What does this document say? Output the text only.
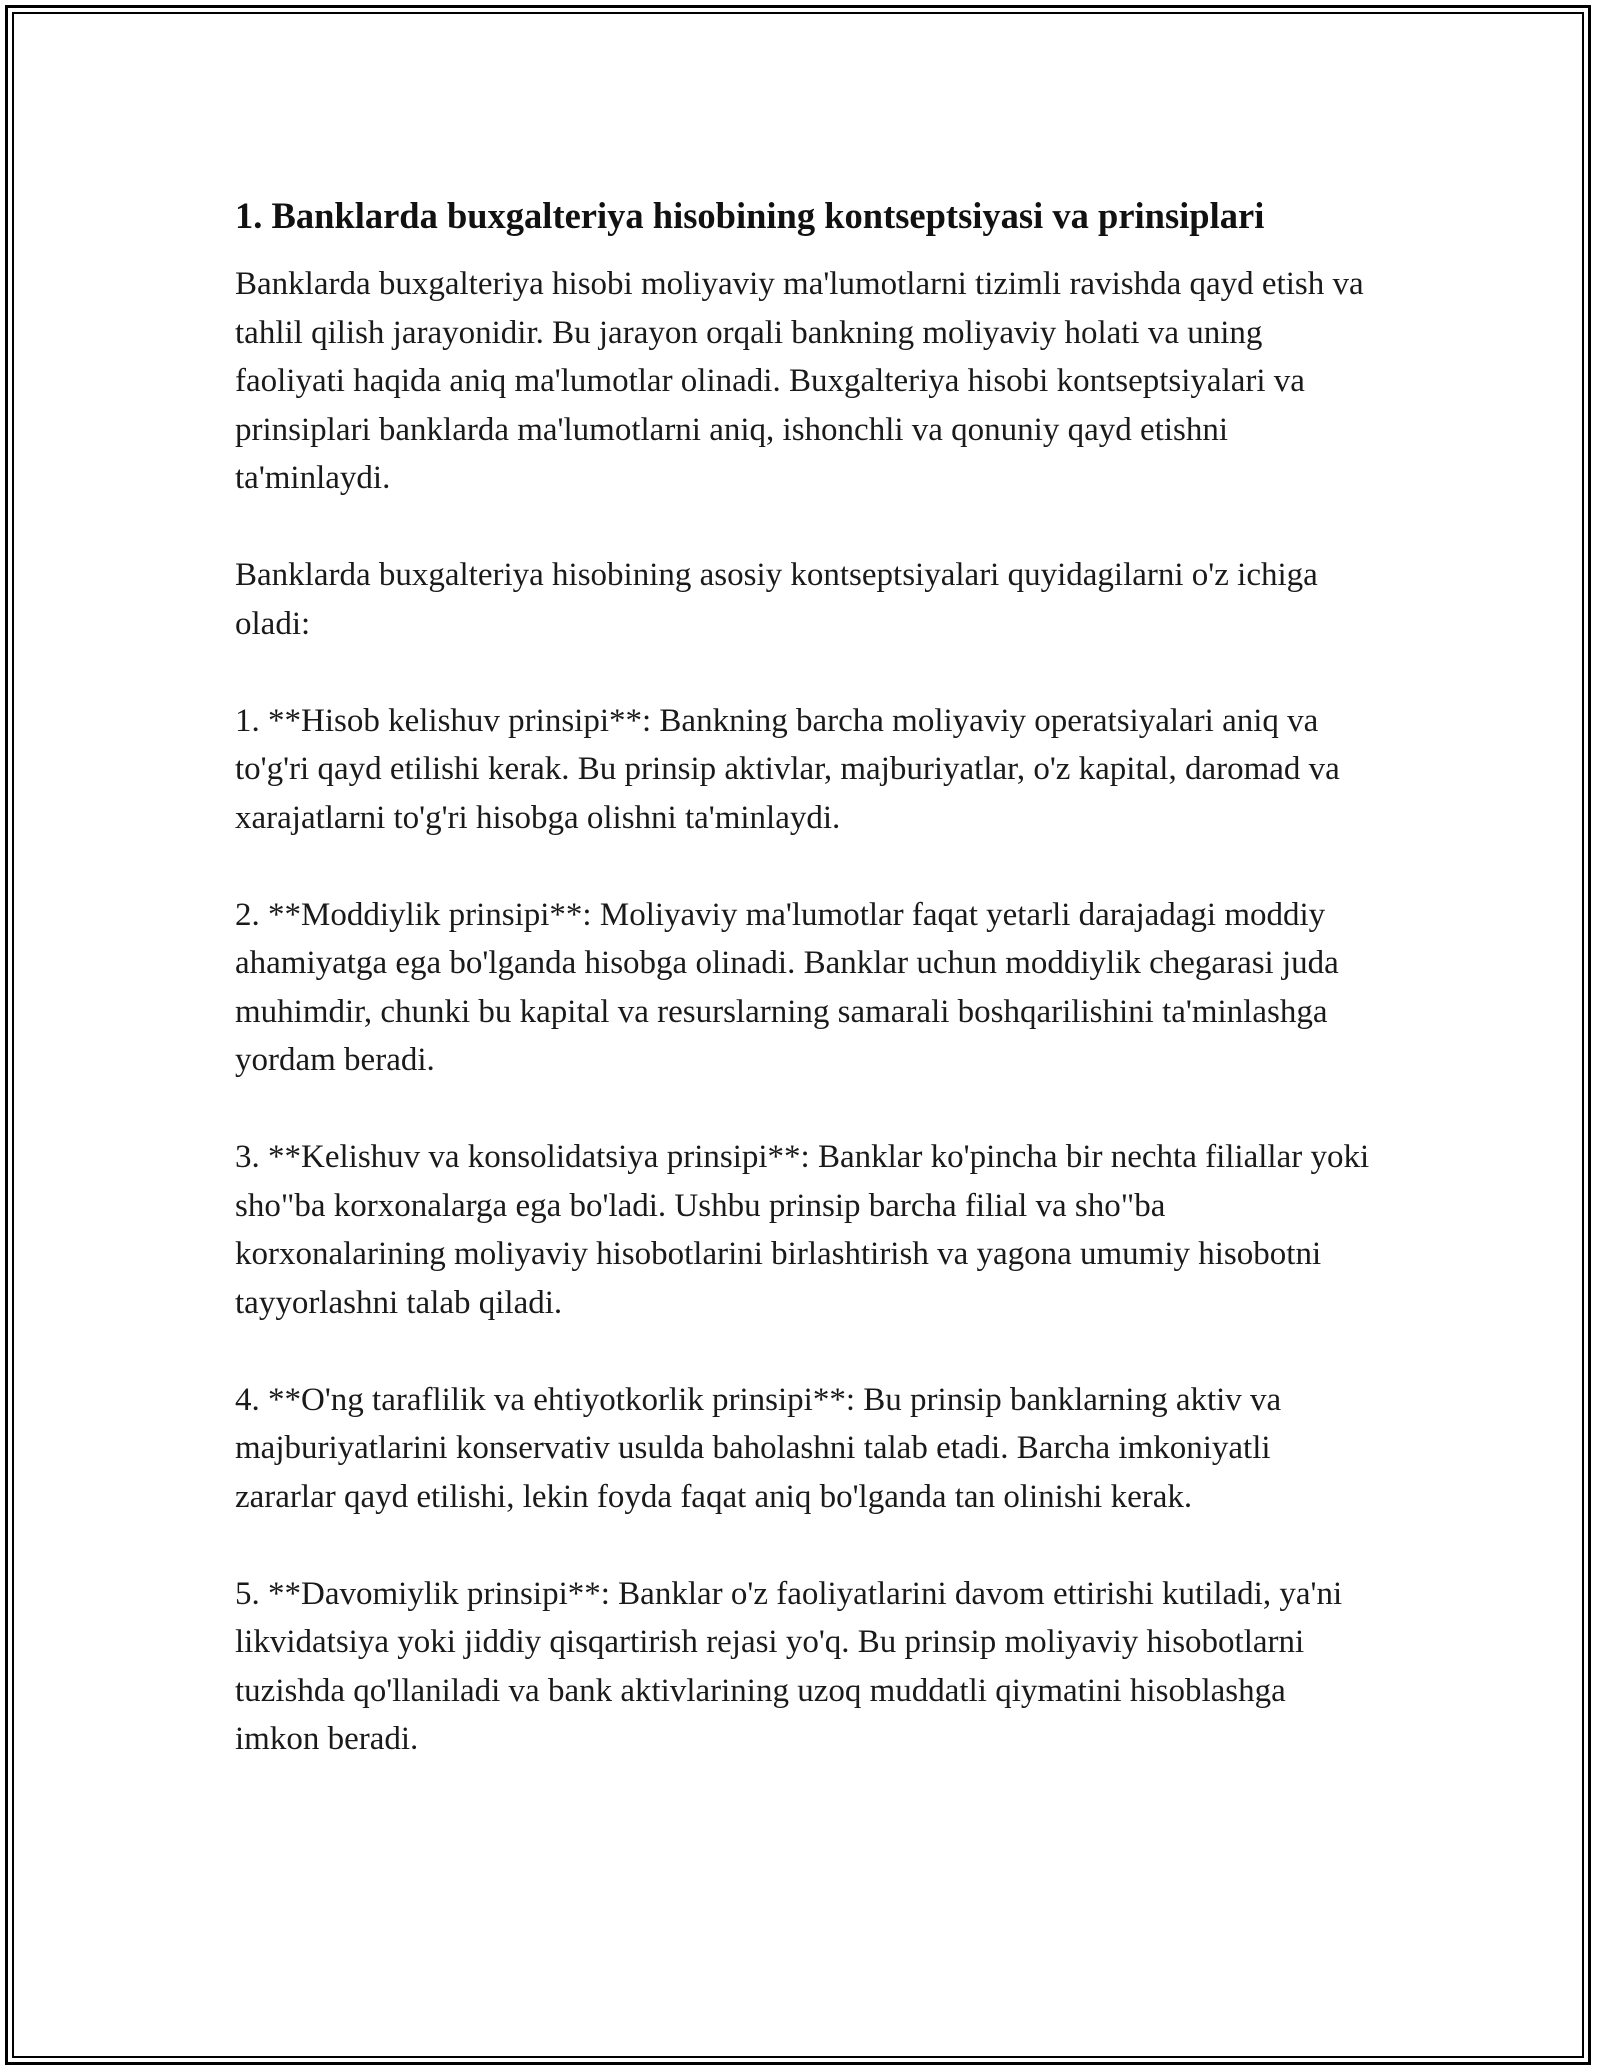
1. Banklarda buxgalteriya hisobining kontseptsiyasi va prinsiplari

Banklarda buxgalteriya hisobi moliyaviy ma'lumotlarni tizimli ravishda qayd etish va tahlil qilish jarayonidir. Bu jarayon orqali bankning moliyaviy holati va uning faoliyati haqida aniq ma'lumotlar olinadi. Buxgalteriya hisobi kontseptsiyalari va prinsiplari banklarda ma'lumotlarni aniq, ishonchli va qonuniy qayd etishni ta'minlaydi.

Banklarda buxgalteriya hisobining asosiy kontseptsiyalari quyidagilarni o'z ichiga oladi:

1. **Hisob kelishuv prinsipi**: Bankning barcha moliyaviy operatsiyalari aniq va to'g'ri qayd etilishi kerak. Bu prinsip aktivlar, majburiyatlar, o'z kapital, daromad va xarajatlarni to'g'ri hisobga olishni ta'minlaydi.
2. **Moddiylik prinsipi**: Moliyaviy ma'lumotlar faqat yetarli darajadagi moddiy ahamiyatga ega bo'lganda hisobga olinadi. Banklar uchun moddiylik chegarasi juda muhimdir, chunki bu kapital va resurslarning samarali boshqarilishini ta'minlashga yordam beradi.
3. **Kelishuv va konsolidatsiya prinsipi**: Banklar ko'pincha bir nechta filiallar yoki sho"ba korxonalarga ega bo'ladi. Ushbu prinsip barcha filial va sho"ba korxonalarining moliyaviy hisobotlarini birlashtirish va yagona umumiy hisobotni tayyorlashni talab qiladi.
4. **O'ng taraflilik va ehtiyotkorlik prinsipi**: Bu prinsip banklarning aktiv va majburiyatlarini konservativ usulda baholashni talab etadi. Barcha imkoniyatli zararlar qayd etilishi, lekin foyda faqat aniq bo'lganda tan olinishi kerak.
5. **Davomiylik prinsipi**: Banklar o'z faoliyatlarini davom ettirishi kutiladi, ya'ni likvidatsiya yoki jiddiy qisqartirish rejasi yo'q. Bu prinsip moliyaviy hisobotlarni tuzishda qo'llaniladi va bank aktivlarining uzoq muddatli qiymatini hisoblashga imkon beradi.
